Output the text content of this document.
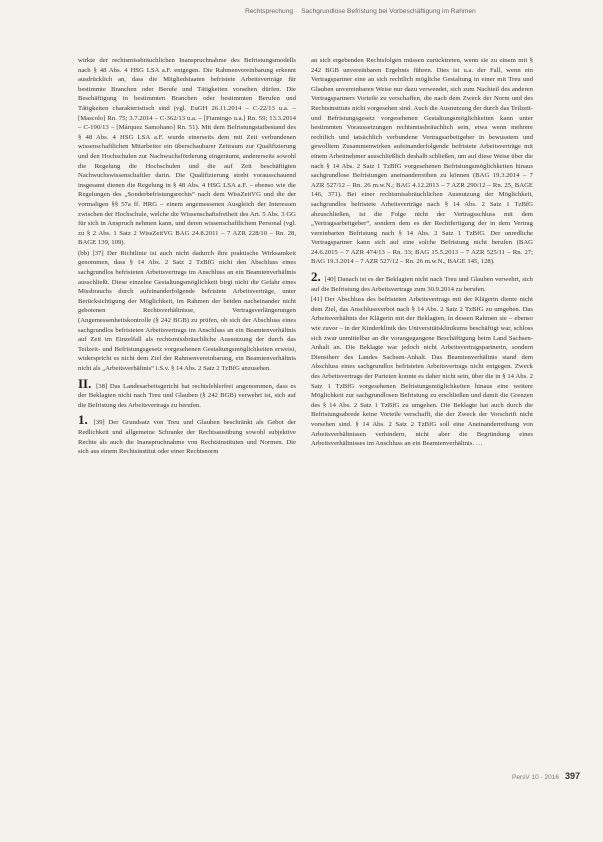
Rechtsprechung · Sachgrundlose Befristung bei Vorbeschäftigung im Rahmen

wirkte der rechtsmissbräuchlichen Inanspruchnahme des Befristungsmodells nach § 48 Abs. 4 HSG LSA a.F. entgegen. Die Rahmenvereinbarung erkennt ausdrücklich an, dass die Mitgliedstaaten befristete Arbeitsverträge für bestimmte Branchen oder Berufe und Tätigkeiten vorsehen dürfen. Die Beschäftigung in bestimmten Branchen oder bestimmten Berufen und Tätigkeiten charakteristisch sind (vgl. EuGH 26.11.2014 – C-22/13 u.a. – [Mascolo] Rn. 75; 3.7.2014 – C-362/13 u.a. – [Fiamingo u.a.] Rn. 59; 13.3.2014 – C-190/13 – [Márquez Samohano] Rn. 51). Mit dem Befristungstatbestand des § 48 Abs. 4 HSG LSA a.F. wurde einerseits dem mit Zeit verbundenen wissenschaftlichen Mitarbeiter ein überschaubarer Zeitraum zur Qualifizierung und den Hochschulen zur Nachwuchsförderung eingeräumt, andererseits sowohl die Regelung die Hochschulen und die auf Zeit beschäftigten Nachwuchswissenschaftler darin. Die Qualifizierung strebt vorausschauend insgesamt dienen die Regelung in § 48 Abs. 4 HSG LSA a.F. – ebenso wie die Regelungen des „Sonderbefristungsrechts“ nach dem WissZeitVG und die der vormaligen §§ 57a ff. HRG – einem angemessenen Ausgleich der Interessen zwischen der Hochschule, welche die Wissenschaftsfreiheit des Art. 5 Abs. 3 GG für sich in Anspruch nehmen kann, und deren wissenschaftlichem Personal (vgl. zu § 2 Abs. 1 Satz 2 WissZeitVG BAG 24.8.2011 – 7 AZR 228/10 – Rn. 28, BAGE 139, 109).

(bb) [37] Der Richtlinie ist auch nicht dadurch ihre praktische Wirksamkeit genommen, dass § 14 Abs. 2 Satz 2 TzBfG nicht den Abschluss eines sachgrundlos befristeten Arbeitsvertrags im Anschluss an ein Beamtenverhältnis ausschließt. Diese einzelne Gestaltungsmöglichkeit birgt nicht die Gefahr eines Missbrauchs durch aufeinanderfolgende befristete Arbeitsverträge, unter Berücksichtigung der Möglichkeit, im Rahmen der beiden nacheinander nicht gebotenen Rechtsverhältnisse, Vertragsverlängerungen (Angemessenheitskontrolle (§ 242 BGB) zu prüfen, ob sich der Abschluss eines sachgrundlos befristeten Arbeitsvertrags im Anschluss an ein Beamtenverhältnis auf Zeit im Einzelfall als rechtsmissbräuchliche Ausnutzung der durch das Teilzeit- und Befristungsgesetz vorgesehenen Gestaltungsmöglichkeiten erweist, widerspricht es nicht dem Ziel der Rahmenvereinbarung, ein Beamtenverhältnis nicht als „Arbeitsverhältnis“ i.S.v. § 14 Abs. 2 Satz 2 TzBfG anzusehen.

II. [38] Das Landesarbeitsgericht hat rechtsfehlerfrei angenommen, dass es der Beklagten nicht nach Treu und Glauben (§ 242 BGB) verwehrt ist, sich auf die Befristung des Arbeitsvertrags zu berufen.

1. [39] Der Grundsatz von Treu und Glauben beschränkt als Gebot der Redlichkeit und allgemeine Schranke der Rechtsausübung sowohl subjektive Rechte als auch die Inanspruchnahme von Rechtsinstituten und Normen. Die sich aus einem Rechtsinstitut oder einer Rechtsnorm

an sich ergebenden Rechtsfolgen müssen zurücktreten, wenn sie zu einem mit § 242 BGB unvereinbaren Ergebnis führen. Dies ist u.a. der Fall, wenn ein Vertragspartner eine an sich rechtlich mögliche Gestaltung in einer mit Treu und Glauben unvereinbaren Weise nur dazu verwendet, sich zum Nachteil des anderen Vertragspartners Vorteile zu verschaffen, die nach dem Zweck der Norm und des Rechtsinstituts nicht vorgesehen sind. Auch die Ausnutzung der durch das Teilzeit- und Befristungsgesetz vorgesehenen Gestaltungsmöglichkeiten kann unter bestimmten Voraussetzungen rechtsmissbräuchlich sein, etwa wenn mehrere rechtlich und tatsächlich verbundene Vertragsarbeitgeber in bewusstem und gewolltem Zusammenwirken aufeinanderfolgende befristete Arbeitsverträge mit einem Arbeitnehmer ausschließlich deshalb schließen, um auf diese Weise über die nach § 14 Abs. 2 Satz 1 TzBfG vorgesehenen Befristungsmöglichkeiten hinaus sachgrundlose Befristungen aneinanderreihen zu können (BAG 19.3.2014 – 7 AZR 527/12 – Rn. 26 m.w.N.; BAG 4.12.2013 – 7 AZR 290/12 – Rn. 25, BAGE 146, 371). Bei einer rechtsmissbräuchlichen Ausnutzung der Möglichkeit, sachgrundlos befristete Arbeitsverträge nach § 14 Abs. 2 Satz 1 TzBfG abzuschließen, ist die Folge nicht der Vertragsschluss mit dem „Vertragsarbeitgeber“, sondern dem es der Rechtfertigung der in dem Vertrag vereinbarten Befristung nach § 14 Abs. 2 Satz 1 TzBfG. Der unredliche Vertragspartner kann sich auf eine solche Befristung nicht berufen (BAG 24.6.2015 – 7 AZR 474/13 – Rn. 33; BAG 15.5.2013 – 7 AZR 525/11 – Rn. 27; BAG 19.3.2014 – 7 AZR 527/12 – Rn. 26 m.w.N., BAGE 145, 128).

2. [40] Danach ist es der Beklagten nicht nach Treu und Glauben verwehrt, sich auf die Befristung des Arbeitsvertrags zum 30.9.2014 zu berufen.

[41] Der Abschluss des befristeten Arbeitsvertrags mit der Klägerin diente nicht dem Ziel, das Anschlussverbot nach § 14 Abs. 2 Satz 2 TzBfG zu umgehen. Das Arbeitsverhältnis der Klägerin mit der Beklagten, in dessen Rahmen sie – ebenso wie zuvor – in der Kinderklinik des Universitätsklinikums beschäftigt war, schloss sich zwar unmittelbar an die vorangegangene Beschäftigung beim Land Sachsen-Anhalt an. Die Beklagte war jedoch nicht Arbeitsvertragspartnerin, sondern Dienstherr des Landes Sachsen-Anhalt. Das Beamtenverhältnis stand dem Abschluss eines sachgrundlos befristeten Arbeitsvertrags nicht entgegen. Zweck des Arbeitsvertrags der Parteien konnte es daher nicht sein, über die in § 14 Abs. 2 Satz 1 TzBfG vorgesehenen Befristungsmöglichkeiten hinaus eine weitere Möglichkeit zur sachgrundlosen Befristung zu erschließen und damit die Grenzen des § 14 Abs. 2 Satz 1 TzBfG zu umgehen. Die Beklagte hat auch durch die Befristungsabrede keine Vorteile verschafft, die der Zweck der Vorschrift nicht vorsehen sind. § 14 Abs. 2 Satz 2 TzBfG soll eine Aneinanderreihung von Arbeitsverhältnissen verhindern, nicht aber die Begründung eines Arbeitsverhältnisses im Anschluss an ein Beamtenverhältnis. …

PersV 10 · 2016 397
